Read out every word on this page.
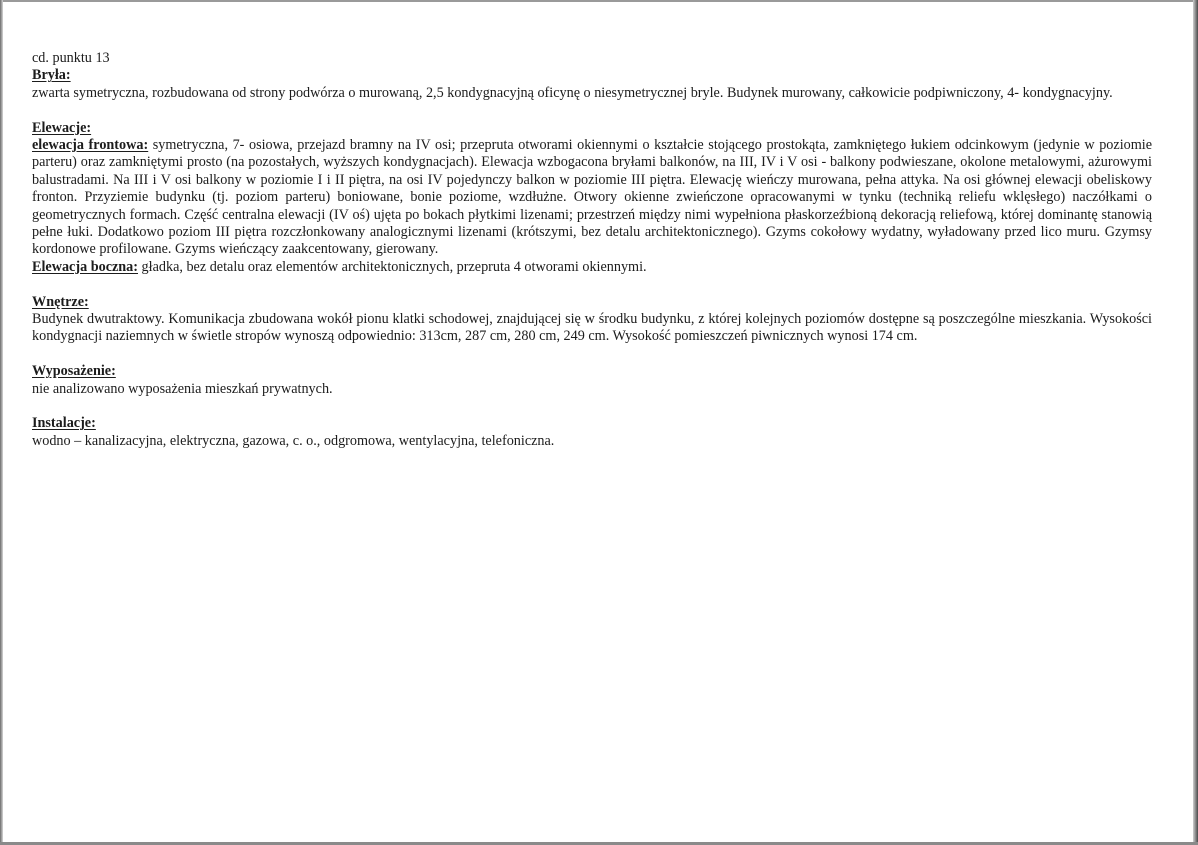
cd. punktu 13
Bryła:

zwarta symetryczna, rozbudowana od strony podwórza o murowaną, 2,5 kondygnacyjną oficynę o niesymetrycznej bryle. Budynek murowany, całkowicie podpiwniczony, 4- kondygnacyjny.

Elewacje:

elewacja frontowa: symetryczna, 7- osiowa, przejazd bramny na IV osi; przepruta otworami okiennymi o kształcie stojącego prostokąta, zamkniętego łukiem odcinkowym (jedynie w poziomie parteru) oraz zamkniętymi prosto (na pozostałych, wyższych kondygnacjach). Elewacja wzbogacona bryłami balkonów, na III, IV i V osi - balkony podwieszane, okolone metalowymi, ażurowymi balustradami. Na III i V osi balkony w poziomie I i II piętra, na osi IV pojedynczy balkon w poziomie III piętra. Elewację wieńczy murowana, pełna attyka. Na osi głównej elewacji obeliskowy fronton. Przyziemie budynku (tj. poziom parteru) boniowane, bonie poziome, wzdłużne. Otwory okienne zwieńczone opracowanymi w tynku (techniką reliefu wklęsłego) naczółkami o geometrycznych formach. Część centralna elewacji (IV oś) ujęta po bokach płytkimi lizenami; przestrzeń między nimi wypełniona płaskorzeźbioną dekoracją reliefową, której dominantę stanowią pełne łuki. Dodatkowo poziom III piętra rozczłonkowany analogicznymi lizenami (krótszymi, bez detalu architektonicznego). Gzyms cokołowy wydatny, wyładowany przed lico muru. Gzymsy kordonowe profilowane. Gzyms wieńczący zaakcentowany, gierowany.

Elewacja boczna: gładka, bez detalu oraz elementów architektonicznych, przepruta 4 otworami okiennymi.

Wnętrze:

Budynek dwutraktowy. Komunikacja zbudowana wokół pionu klatki schodowej, znajdującej się w środku budynku, z której kolejnych poziomów dostępne są poszczególne mieszkania. Wysokości kondygnacji naziemnych w świetle stropów wynoszą odpowiednio: 313cm, 287 cm, 280 cm, 249 cm. Wysokość pomieszczeń piwnicznych wynosi 174 cm.

Wyposażenie:

nie analizowano wyposażenia mieszkań prywatnych.

Instalacje:

wodno – kanalizacyjna, elektryczna, gazowa, c. o., odgromowa, wentylacyjna, telefoniczna.
